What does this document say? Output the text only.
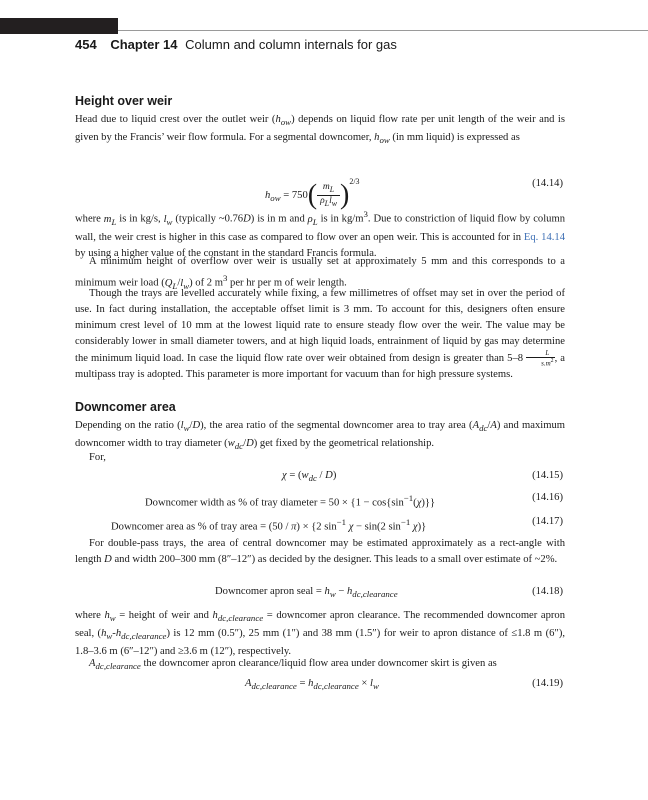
454 Chapter 14 Column and column internals for gas
Height over weir
Head due to liquid crest over the outlet weir $(h_{ow})$ depends on liquid flow rate per unit length of the weir and is given by the Francis’ weir flow formula. For a segmental downcomer, $h_{ow}$ (in mm liquid) is expressed as
$h_{ow} = 750( \frac{m_L}{\rho_Ll_w} )^{2/3}$	(14.14)
where $m_L$ is in kg/s, $l_w$ (typically ~0.76D) is in m and $\rho_L$ is in $kg/m^3$. Due to constriction of liquid flow by column wall, the weir crest is higher in this case as compared to flow over an open weir. This is accounted for in Eq. 14.14 by using a higher value of the constant in the standard Francis formula.
A minimum height of overflow over weir is usually set at approximately 5 mm and this corresponds to a minimum weir load $(Q_L/l_w)$ of 2 $m^3$ per hr per m of weir length.
Though the trays are levelled accurately while fixing, a few millimetres of offset may set in over the period of use. In fact during installation, the acceptable offset limit is 3 mm. To account for this, designers often ensure minimum crest level of 10 mm at the lowest liquid rate to ensure steady flow over the weir. The value may be considerably lower in small diameter towers, and at high liquid loads, entrainment of liquid by gas may determine the minimum liquid load. In case the liquid flow rate over weir obtained from design is greater than $5-8 \frac{L}{s.m^2}$ , a multipass tray is adopted. This parameter is more important for vacuum than for high pressure systems.
Downcomer area
Depending on the ratio $(l_w/D)$, the area ratio of the segmental downcomer area to tray area $(A_{dc}/A)$ and maximum downcomer width to tray diameter $(w_{dc}/D)$ get fixed by the geometrical relationship.
For,
$\chi = (w_{dc} / D)$	(14.15)
Downcomer width as % of tray diameter = $50 \times \{1 - \cos\{\sin^{-1}(\chi)\}\}$
(14.16)
Downcomer area as % of tray area = (50 / π) × {2 $\sin^{-1} \chi - \sin(2$ $\sin^{-1} \chi$)}
(14.17)
For double-pass trays, the area of central downcomer may be estimated approximately as a rect-angle with length D and width 200–300 mm (8″–12″) as decided by the designer. This leads to a small over estimate of ~2%.
Downcomer apron seal = $h_w - h_{dc,clearance}$	(14.18)
where $h_w$ = height of weir and $h_{dc,clearance}$ = downcomer apron clearance. The recommended downcomer apron seal, $(h_w-h_{dc,clearance})$ is 12 mm (0.5″), 25 mm (1″) and 38 mm (1.5″) for weir to apron distance of ≤1.8 m (6″), 1.8–3.6 m (6″–12″) and ≥3.6 m (12″), respectively.
$A_{dc,clearance}$ the downcomer apron clearance/liquid flow area under downcomer skirt is given as
$A_{dc,clearance} = h_{dc,clearance} \times l_w$	(14.19)
